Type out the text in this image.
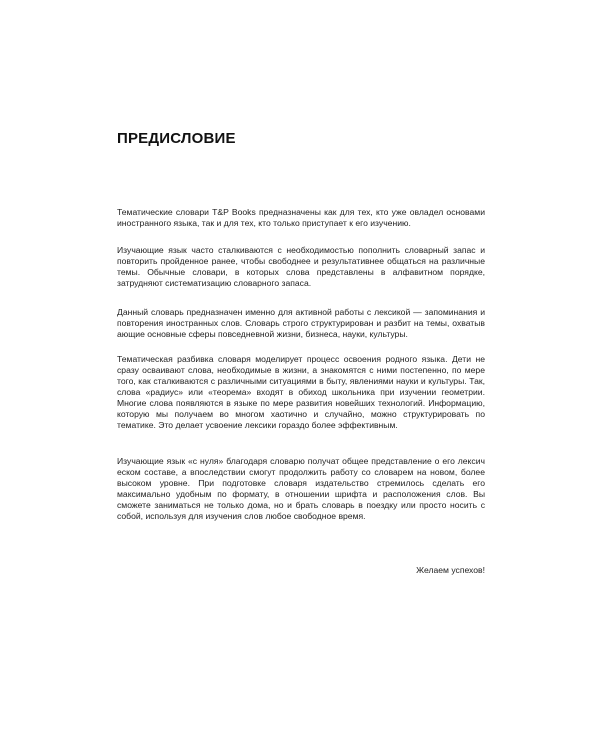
ПРЕДИСЛОВИЕ

Тематические словари T&P Books предназначены как для тех, кто уже овладел основами иностранного языка, так и для тех, кто только приступает к его изучению.

Изучающие язык часто сталкиваются с необходимостью пополнить словарный запас и повторить пройденное ранее, чтобы свободнее и результативнее общаться на различные темы. Обычные словари, в которых слова представлены в алфавитном порядке, затрудняют систематизацию словарного запаса.

Данный словарь предназначен именно для активной работы с лексикой — запоминания и повторения иностранных слов. Словарь строго структурирован и разбит на темы, охватыв ающие основные сферы повседневной жизни, бизнеса, науки, культуры.

Тематическая разбивка словаря моделирует процесс освоения родного языка. Дети не сразу осваивают слова, необходимые в жизни, а знакомятся с ними постепенно, по мере того, как сталкиваются с различными ситуациями в быту, явлениями науки и культуры. Так, слова «радиус» или «теорема» входят в обиход школьника при изучении геометрии. Многие слова появляются в языке по мере развития новейших технологий. Информацию, которую мы получаем во многом хаотично и случайно, можно структурировать по тематике. Это делает усвоение лексики гораздо более эффективным.

Изучающие язык «с нуля» благодаря словарю получат общее представление о его лексич еском составе, а впоследствии смогут продолжить работу со словарем на новом, более высоком уровне. При подготовке словаря издательство стремилось сделать его максимально удобным по формату, в отношении шрифта и расположения слов. Вы сможете заниматься не только дома, но и брать словарь в поездку или просто носить с собой, используя для изучения слов любое свободное время.

Желаем успехов!
